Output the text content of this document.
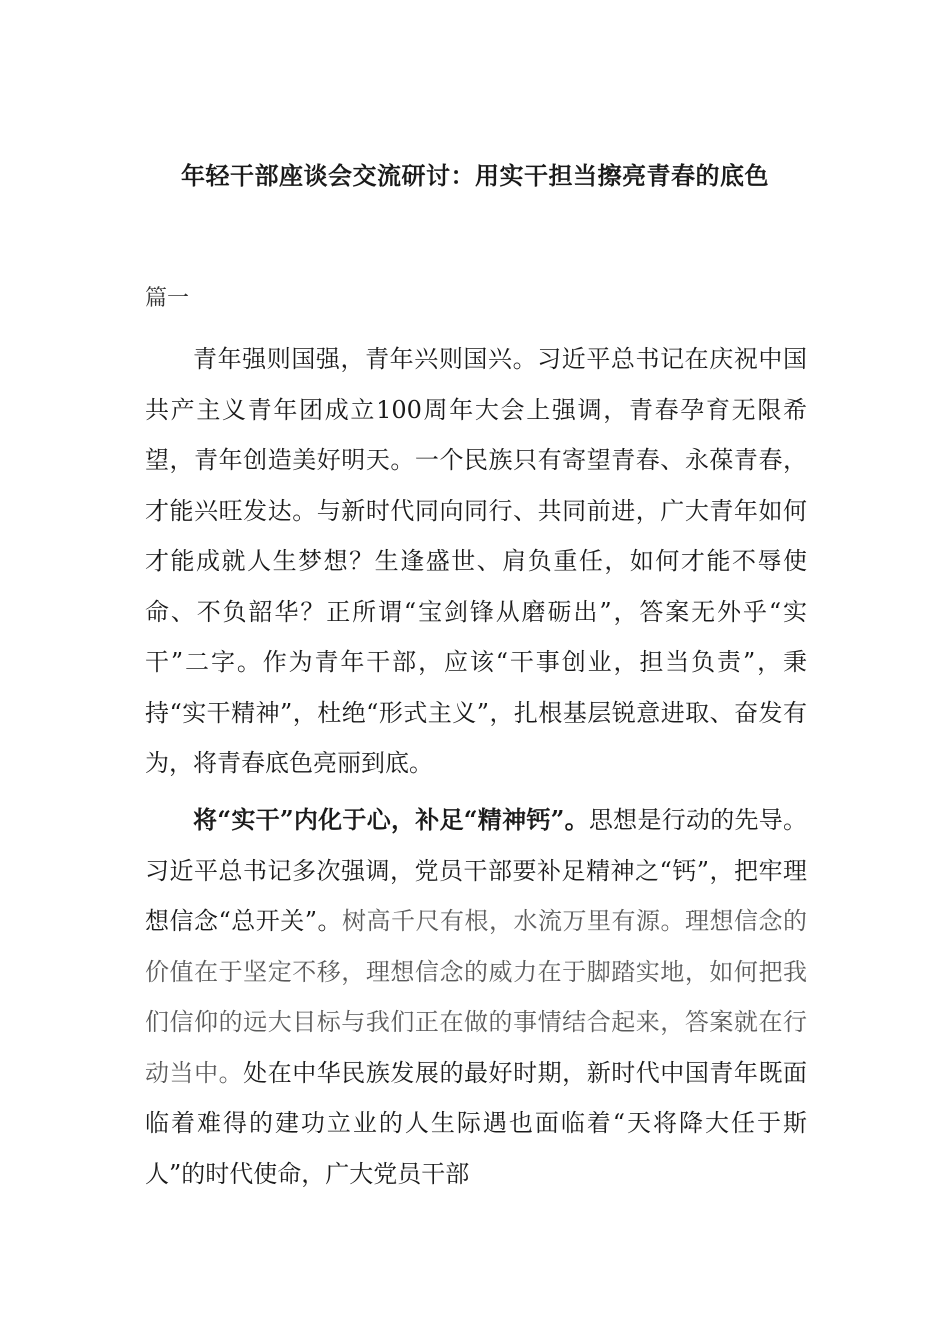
年轻干部座谈会交流研讨：用实干担当擦亮青春的底色

篇一

青年强则国强，青年兴则国兴。习近平总书记在庆祝中国共产主义青年团成立100周年大会上强调，青春孕育无限希望，青年创造美好明天。一个民族只有寄望青春、永葆青春，才能兴旺发达。与新时代同向同行、共同前进，广大青年如何才能成就人生梦想？生逢盛世、肩负重任，如何才能不辱使命、不负韶华？正所谓“宝剑锋从磨砺出”，答案无外乎“实干”二字。作为青年干部，应该“干事创业，担当负责”，秉持“实干精神”，杜绝“形式主义”，扎根基层锐意进取、奋发有为，将青春底色亮丽到底。

将“实干”内化于心，补足“精神钙”。思想是行动的先导。习近平总书记多次强调，党员干部要补足精神之“钙”，把牢理想信念“总开关”。树高千尺有根，水流万里有源。理想信念的价值在于坚定不移，理想信念的威力在于脚踏实地，如何把我们信仰的远大目标与我们正在做的事情结合起来，答案就在行动当中。处在中华民族发展的最好时期，新时代中国青年既面临着难得的建功立业的人生际遇也面临着“天将降大任于斯人”的时代使命，广大党员干部
